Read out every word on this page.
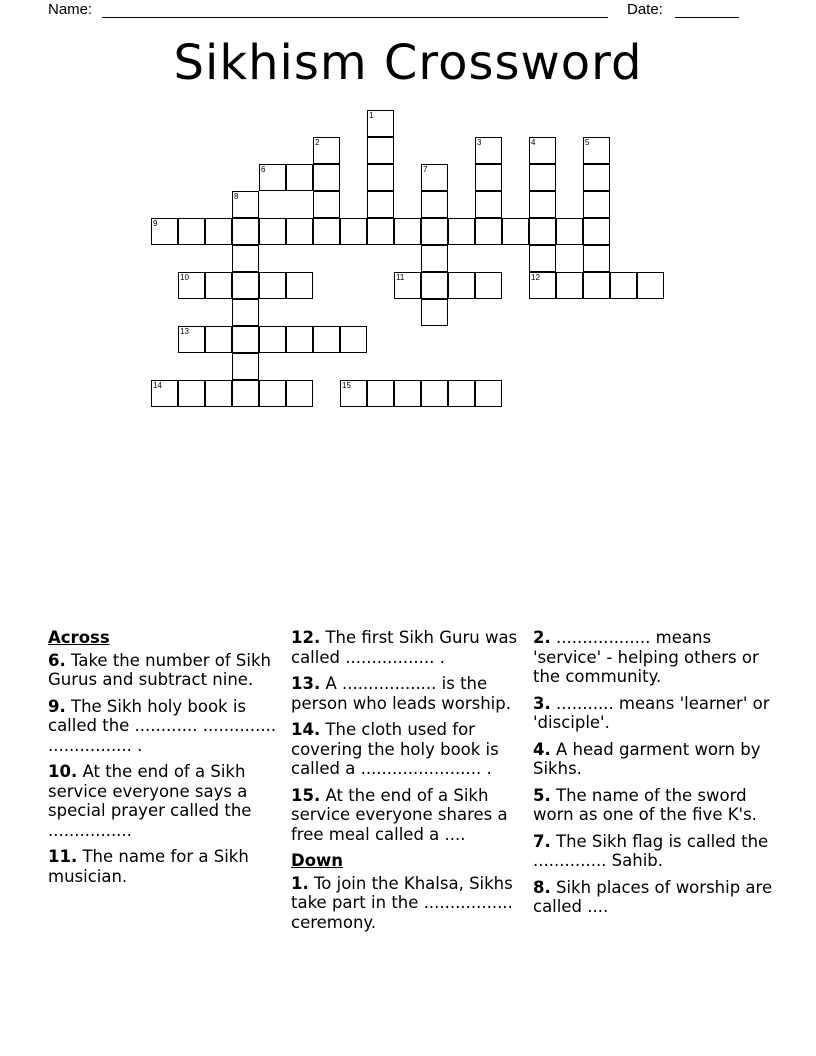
Name:	Date:
Sikhism Crossword
1
2	3	4	5
6	7
8
9
10	11	12
13
14	15
Across
6. Take the number of Sikh Gurus and subtract nine.
9. The Sikh holy book is called the ............ .............. ................ .
10. At the end of a Sikh service everyone says a special prayer called the ................
11. The name for a Sikh musician.
12. The first Sikh Guru was called ................. .
13. A .................. is the person who leads worship.
14. The cloth used for covering the holy book is called a ....................... .
15. At the end of a Sikh service everyone shares a free meal called a ....
Down
1. To join the Khalsa, Sikhs take part in the ................. ceremony.
2. .................. means 'service' - helping others or the community.
3. ........... means 'learner' or 'disciple'.
4. A head garment worn by Sikhs.
5. The name of the sword worn as one of the five K's.
7. The Sikh flag is called the .............. Sahib.
8. Sikh places of worship are called ....
